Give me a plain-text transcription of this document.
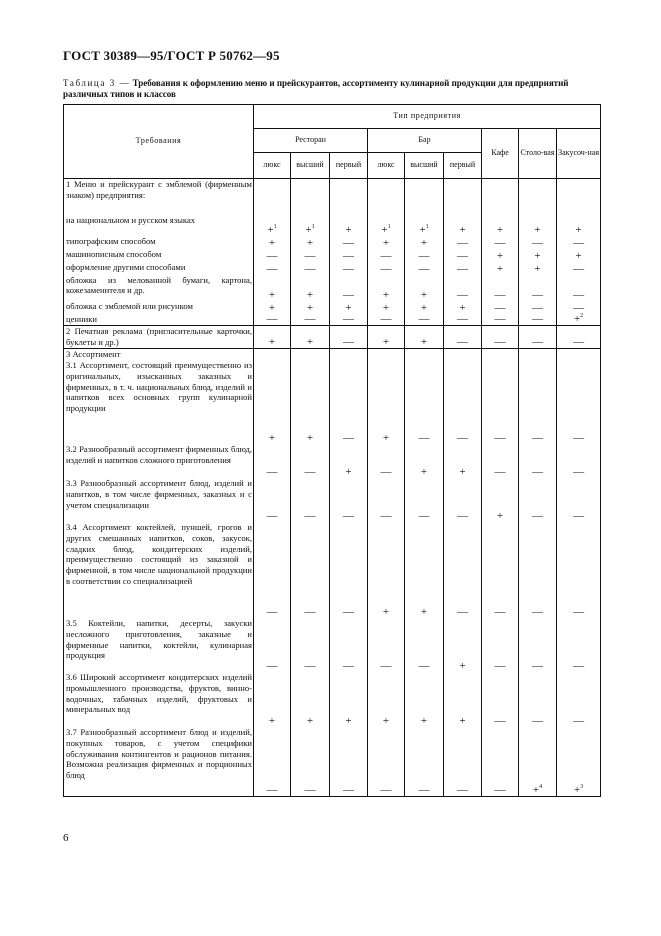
ГОСТ 30389—95/ГОСТ Р 50762—95
Таблица 3 — Требования к оформлению меню и прейскурантов, ассортименту кулинарной продукции для предприятий различных типов и классов
Требования	Тип предприятия								
	Ресторан			Бар			Кафе	Столо-вая	Закусоч-ная
	люкс	высший	первый	люкс	высший	первый			
1 Меню и прейскурант с эмблемой (фирменным знаком) предприятия:									
на национальном и русском языках	+$^1$	+$^1$	+	+$^1$	+$^1$	+	+	+	+
типографским способом	+	+	—	+	+	—	—	—	—
машинописным способом	—	—	—	—	—	—	+	+	+
оформление другими способами	—	—	—	—	—	—	+	+	—
обложка из мелованной бумаги, картона, кожезаменителя и др.	+	+	—	+	+	—	—	—	—
обложка с эмблемой или рисунком	+	+	+	+	+	+	—	—	—
ценники	—	—	—	—	—	—	—	—	+$^2$
2 Печатная реклама (пригласительные карточки, буклеты и др.)	+	+	—	+	+	—	—	—	—
3 Ассортимент									
3.1 Ассортимент, состоящий преимущественно из оригинальных, изысканных заказных и фирменных, в т. ч. национальных блюд, изделий и напитков всех основных групп кулинарной продукции	+	+	—	+	—	—	—	—	—
3.2 Разнообразный ассортимент фирменных блюд, изделий и напитков сложного приготовления	—	—	+	—	+	+	—	—	—
3.3 Разнообразный ассортимент блюд, изделий и напитков, в том числе фирменных, заказных и с учетом специализации	—	—	—	—	—	—	+	—	—
3.4 Ассортимент коктейлей, пуншей, грогов и других смешанных напитков, соков, закусок, сладких блюд, кондитерских изделий, преимущественно состоящий из заказной и фирменной, в том числе национальной продукции в соответствии со специализацией	—	—	—	+	+	—	—	—	—
3.5 Коктейли, напитки, десерты, закуски несложного приготовления, заказные и фирменные напитки, коктейли, кулинарная продукция	—	—	—	—	—	+	—	—	—
3.6 Широкий ассортимент кондитерских изделий промышленного производства, фруктов, винно-водочных, табачных изделий, фруктовых и минеральных вод	+	+	+	+	+	+	—	—	—
3.7 Разнообразный ассортимент блюд и изделий, покупных товаров, с учетом специфики обслуживания контингентов и рационов питания. Возможна реализация фирменных и порционных блюд	—	—	—	—	—	—	—	+$^4$	+$^3$
6
